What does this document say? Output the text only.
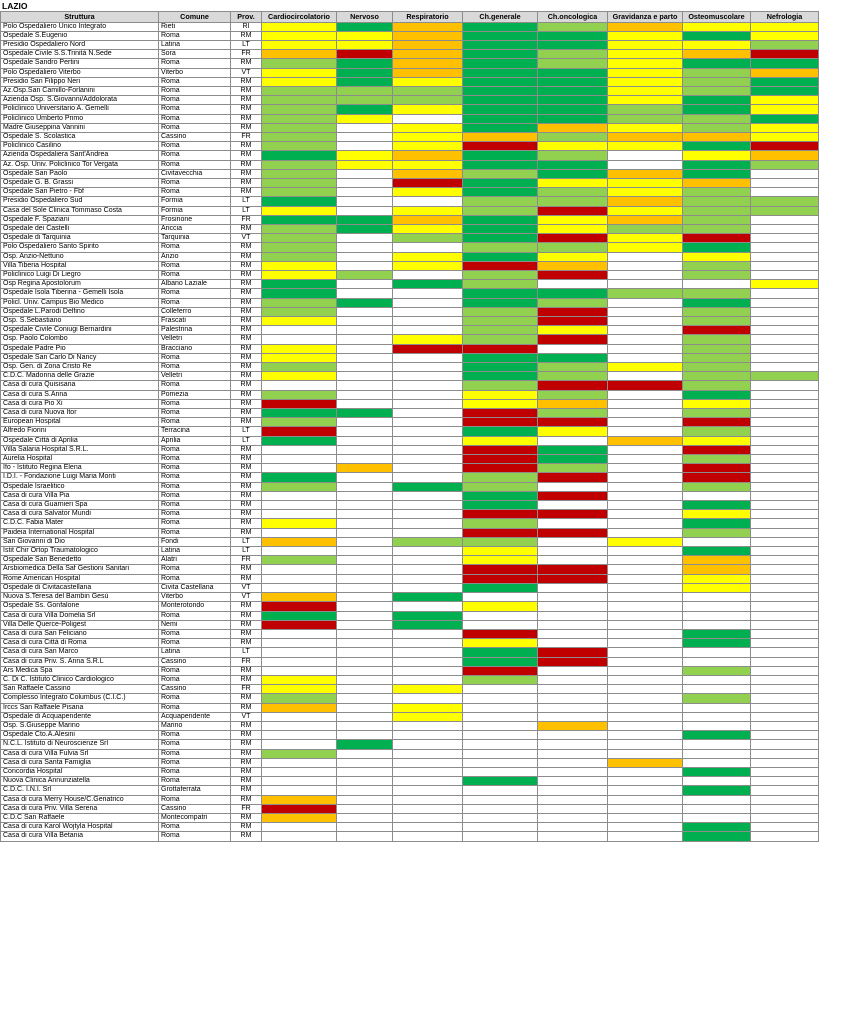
LAZIO
Struttura	Comune	Prov.	Cardiocircolatorio	Nervoso	Respiratorio	Ch.generale	Ch.oncologica	Gravidanza e parto	Osteomuscolare	Nefrologia
Polo Ospedaliero Unico Integrato	Rieti	RI								
Ospedale S.Eugenio	Roma	RM								
Presidio Ospedaliero Nord	Latina	LT								
Ospedale Civile S.S.Trinità N.Sede	Sora	FR								
Ospedale Sandro Pertini	Roma	RM								
Polo Ospedaliero Viterbo	Viterbo	VT								
Presidio San Filippo Neri	Roma	RM								
Az.Osp.San Camillo-Forlanini	Roma	RM								
Azienda Osp. S.Giovanni/Addolorata	Roma	RM								
Policlinico Universitario A. Gemelli	Roma	RM								
Policlinico Umberto Primo	Roma	RM								
Madre Giuseppina Vannini	Roma	RM								
Ospedale S. Scolastica	Cassino	FR								
Policlinico Casilino	Roma	RM								
Azienda Ospedaliera Sant'Andrea	Roma	RM								
Az. Osp. Univ. Policlinico Tor Vergata	Roma	RM								
Ospedale San Paolo	Civitavecchia	RM								
Ospedale G. B. Grassi	Roma	RM								
Ospedale San Pietro - Fbf	Roma	RM								
Presidio Ospedaliero Sud	Formia	LT								
Casa del Sole Clinica Tommaso Costa	Formia	LT								
Ospedale F. Spaziani	Frosinone	FR								
Ospedale dei Castelli	Ariccia	RM								
Ospedale di Tarquinia	Tarquinia	VT								
Polo Ospedaliero Santo Spirito	Roma	RM								
Osp. Anzio-Nettuno	Anzio	RM								
Villa Tiberia Hospital	Roma	RM								
Policlinico Luigi Di Liegro	Roma	RM								
Osp Regina Apostolorum	Albano Laziale	RM								
Ospedale Isola Tiberina - Gemelli Isola	Roma	RM								
Policl. Univ. Campus Bio Medico	Roma	RM								
Ospedale L.Parodi Delfino	Colleferro	RM								
Osp. S.Sebastiano	Frascati	RM								
Ospedale Civile Coniugi Bernardini	Palestrina	RM								
Osp. Paolo Colombo	Velletri	RM								
Ospedale Padre Pio	Bracciano	RM								
Ospedale San Carlo Di Nancy	Roma	RM								
Osp. Gen. di Zona Cristo Re	Roma	RM								
C.D.C. Madonna delle Grazie	Velletri	RM								
Casa di cura Quisisana	Roma	RM								
Casa di cura S.Anna	Pomezia	RM								
Casa di cura Pio Xi	Roma	RM								
Casa di cura Nuova Itor	Roma	RM								
European Hospital	Roma	RM								
Alfredo Fiorini	Terracina	LT								
Ospedale Città di Aprilia	Aprilia	LT								
Villa Salaria Hospital S.R.L.	Roma	RM								
Aurelia Hospital	Roma	RM								
Ifo - Istituto Regina Elena	Roma	RM								
I.D.I. - Fondazione Luigi Maria Monti	Roma	RM								
Ospedale Israelitico	Roma	RM								
Casa di cura Villa Pia	Roma	RM								
Casa di cura Guarnieri Spa	Roma	RM								
Casa di cura Salvator Mundi	Roma	RM								
C.D.C. Fabia Mater	Roma	RM								
Paideia International Hospital	Roma	RM								
San Giovanni di Dio	Fondi	LT								
Istit Chir Ortop Traumatologico	Latina	LT								
Ospedale San Benedetto	Alatri	FR								
Arsbiomedica Della Saf Gestioni Sanitari	Roma	RM								
Rome American Hospital	Roma	RM								
Ospedale di Civitacastellana	Civita Castellana	VT								
Nuova S.Teresa del Bambin Gesù	Viterbo	VT								
Ospedale Ss. Gonfalone	Monterotondo	RM								
Casa di cura Villa Domelia Srl	Roma	RM								
Villa Delle Querce-Poligest	Nemi	RM								
Casa di cura San Feliciano	Roma	RM								
Casa di cura Città di Roma	Roma	RM								
Casa di cura San Marco	Latina	LT								
Casa di cura Priv. S. Anna S.R.L	Cassino	FR								
Ars Medica Spa	Roma	RM								
C. Di C. Istituto Clinico Cardiologico	Roma	RM								
San Raffaele Cassino	Cassino	FR								
Complesso Integrato Columbus (C.I.C.)	Roma	RM								
Irccs San Raffaele Pisana	Roma	RM								
Ospedale di Acquapendente	Acquapendente	VT								
Osp. S.Giuseppe Marino	Marino	RM								
Ospedale Cto.A.Alesini	Roma	RM								
N.C.L. Istituto di Neuroscienze Srl	Roma	RM								
Casa di cura Villa Fulvia Srl	Roma	RM								
Casa di cura Santa Famiglia	Roma	RM								
Concordia Hospital	Roma	RM								
Nuova Clinica Annunziatella	Roma	RM								
C.D.C. I.N.I. Srl	Grottaferrata	RM								
Casa di cura Merry House/C.Geriatrico	Roma	RM								
Casa di cura Priv. Villa Serena	Cassino	FR								
C.D.C San Raffaele	Montecompatri	RM								
Casa di cura Karol Wojtyla Hospital	Roma	RM								
Casa di cura Villa Betania	Roma	RM								
